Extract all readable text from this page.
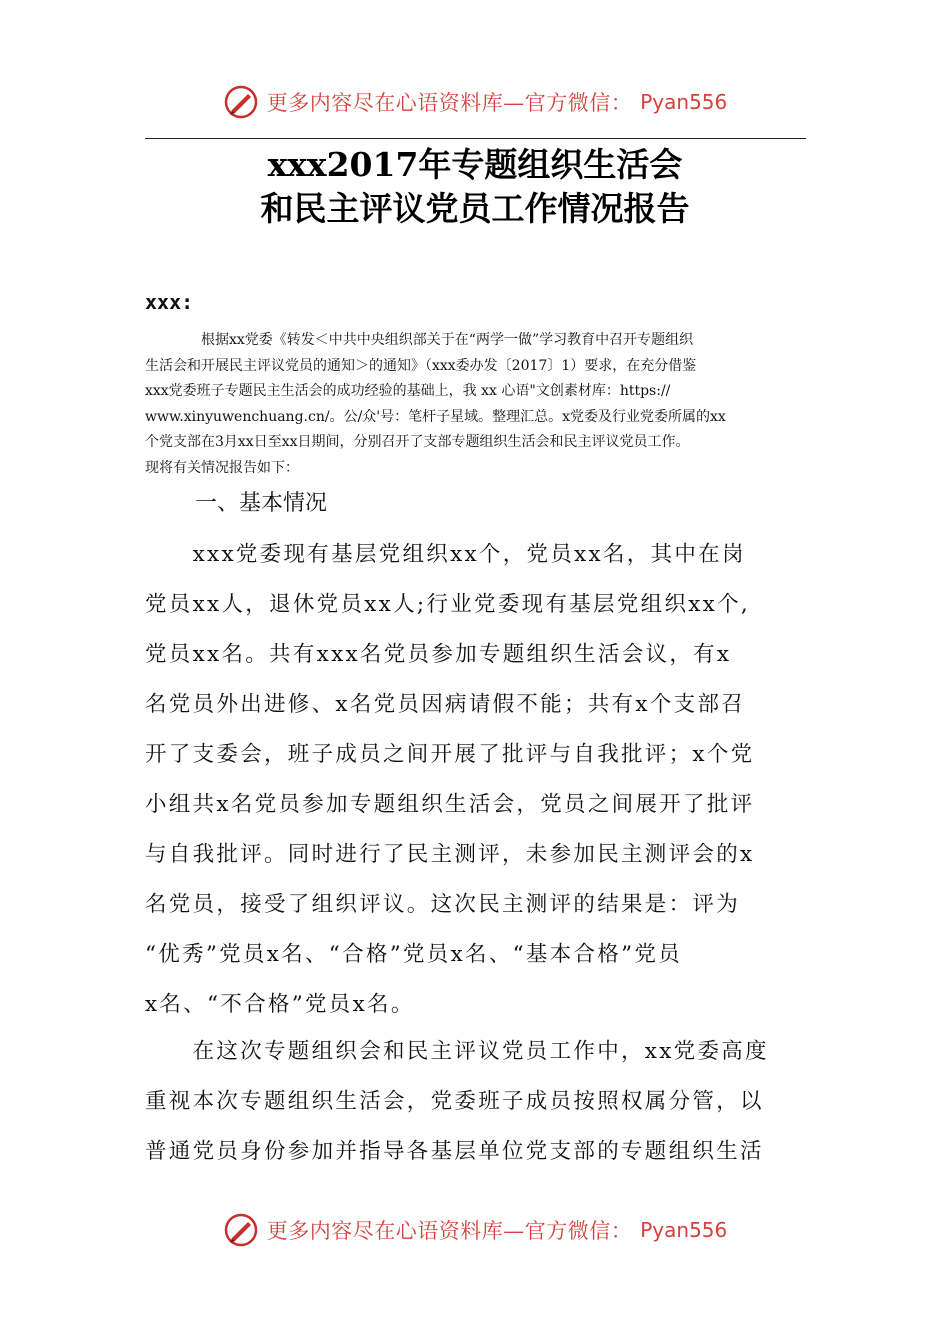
更多内容尽在心语资料库—官方微信： Pyan556
xxx2017年专题组织生活会
和民主评议党员工作情况报告
xxx:
根据xx党委《转发＜中共中央组织部关于在“两学一做”学习教育中召开专题组织
生活会和开展民主评议党员的通知＞的通知》（xxx委办发〔2017〕1）要求，在充分借鉴
xxx党委班子专题民主生活会的成功经验的基础上，我 xx 心语"文创素材库：https://
www.xinyuwenchuang.cn/。公/众'号：笔杆子星域。整理汇总。x党委及行业党委所属的xx
个党支部在3月xx日至xx日期间，分别召开了支部专题组织生活会和民主评议党员工作。
现将有关情况报告如下：
一、基本情况
　　xxx党委现有基层党组织xx个，党员xx名，其中在岗
党员xx人，退休党员xx人;行业党委现有基层党组织xx个,
党员xx名。共有xxx名党员参加专题组织生活会议，有x
名党员外出进修、x名党员因病请假不能；共有x个支部召
开了支委会，班子成员之间开展了批评与自我批评；x个党
小组共x名党员参加专题组织生活会，党员之间展开了批评
与自我批评。同时进行了民主测评，未参加民主测评会的x
名党员，接受了组织评议。这次民主测评的结果是：评为
“优秀”党员x名、“合格”党员x名、“基本合格”党员
x名、“不合格”党员x名。
　　在这次专题组织会和民主评议党员工作中，xx党委高度
重视本次专题组织生活会，党委班子成员按照权属分管，以
普通党员身份参加并指导各基层单位党支部的专题组织生活
更多内容尽在心语资料库—官方微信： Pyan556
